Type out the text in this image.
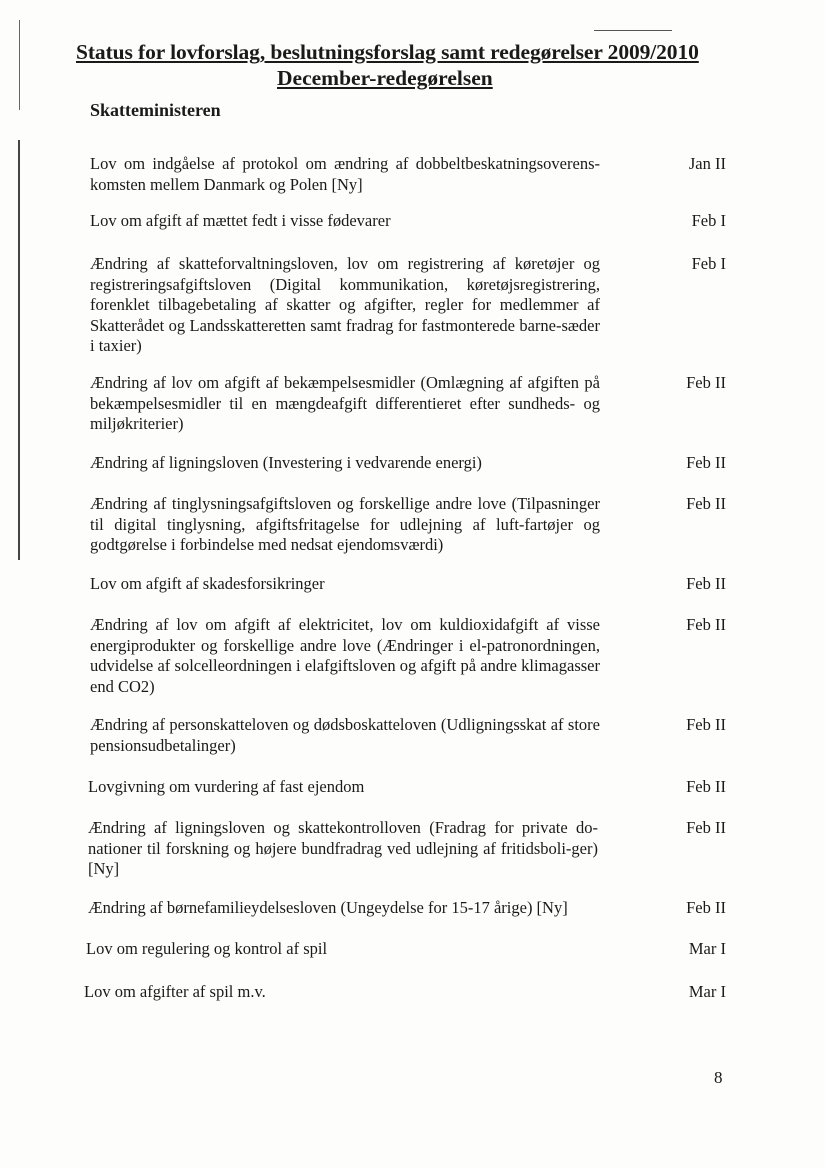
Status for lovforslag, beslutningsforslag samt redegørelser 2009/2010
December-redegørelsen
Skatteministeren
Lov om indgåelse af protokol om ændring af dobbeltbeskatningsoverens-komsten mellem Danmark og Polen [Ny]
Jan II
Lov om afgift af mættet fedt i visse fødevarer	Feb I
Ændring af skatteforvaltningsloven, lov om registrering af køretøjer og registreringsafgiftsloven (Digital kommunikation, køretøjsregistrering, forenklet tilbagebetaling af skatter og afgifter, regler for medlemmer af Skatterådet og Landsskatteretten samt fradrag for fastmonterede barne-sæder i taxier)
Feb I
Ændring af lov om afgift af bekæmpelsesmidler (Omlægning af afgiften på bekæmpelsesmidler til en mængdeafgift differentieret efter sundheds- og miljøkriterier)
Feb II
Ændring af ligningsloven (Investering i vedvarende energi)	Feb II
Ændring af tinglysningsafgiftsloven og forskellige andre love (Tilpasninger til digital tinglysning, afgiftsfritagelse for udlejning af luft-fartøjer og godtgørelse i forbindelse med nedsat ejendomsværdi)
Feb II
Lov om afgift af skadesforsikringer	Feb II
Ændring af lov om afgift af elektricitet, lov om kuldioxidafgift af visse energiprodukter og forskellige andre love (Ændringer i el-patronordningen, udvidelse af solcelleordningen i elafgiftsloven og afgift på andre klimagasser end CO2)
Feb II
Ændring af personskatteloven og dødsboskatteloven (Udligningsskat af store pensionsudbetalinger)
Feb II
Lovgivning om vurdering af fast ejendom	Feb II
Ændring af ligningsloven og skattekontrolloven (Fradrag for private do-nationer til forskning og højere bundfradrag ved udlejning af fritidsboli-ger) [Ny]
Feb II
Ændring af børnefamilieydelsesloven (Ungeydelse for 15-17 årige) [Ny]	Feb II
Lov om regulering og kontrol af spil	Mar I
Lov om afgifter af spil m.v.	Mar I
8
